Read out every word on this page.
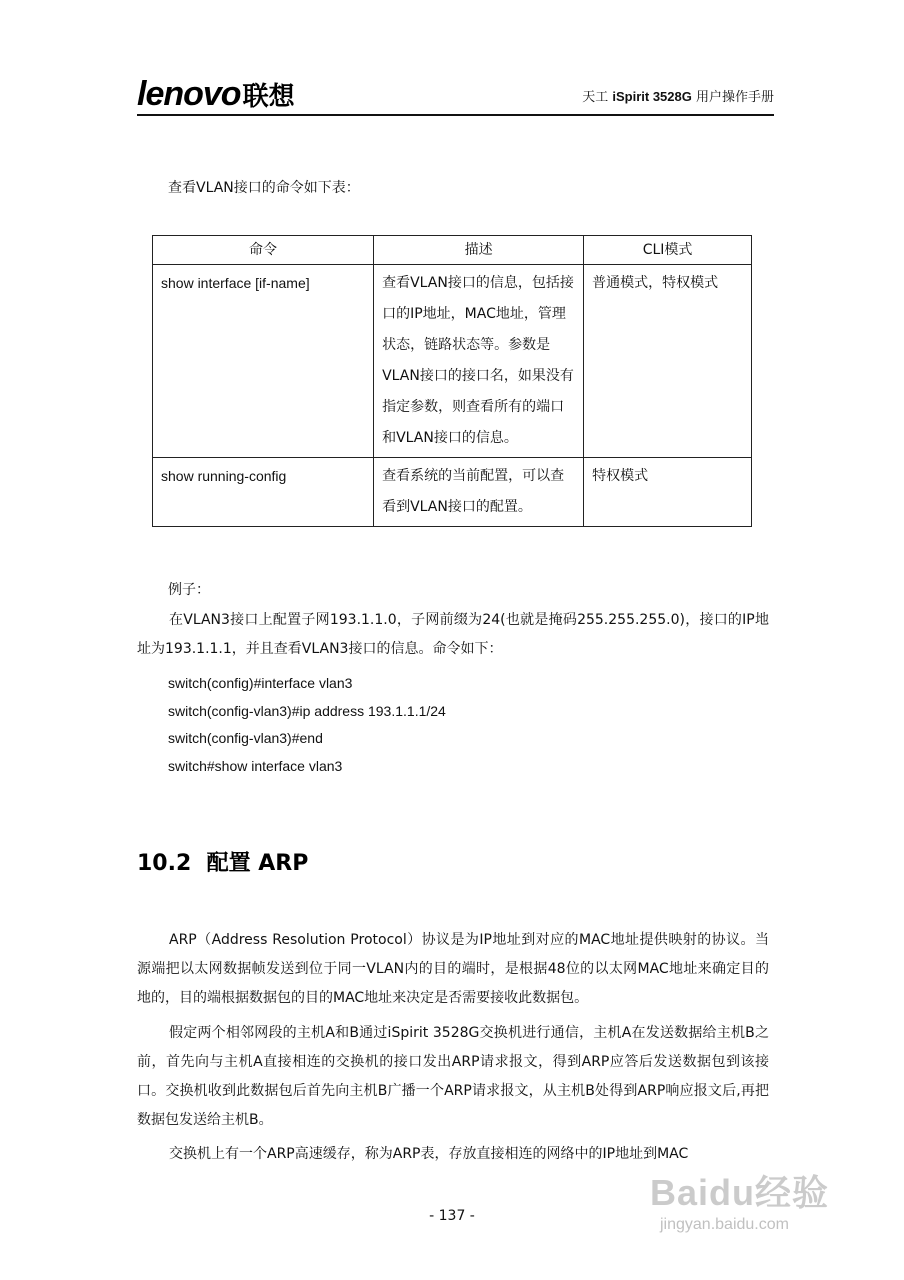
lenovo联想	天工 iSpirit 3528G 用户操作手册
查看VLAN接口的命令如下表：
命令	描述	CLI模式
show interface [if-name]	查看VLAN接口的信息，包括接口的IP地址，MAC地址，管理状态，链路状态等。参数是VLAN接口的接口名，如果没有指定参数，则查看所有的端口和VLAN接口的信息。	普通模式，特权模式
show running-config	查看系统的当前配置，可以查看到VLAN接口的配置。	特权模式
例子：
在VLAN3接口上配置子网193.1.1.0，子网前缀为24(也就是掩码255.255.255.0)，接口的IP地址为193.1.1.1，并且查看VLAN3接口的信息。命令如下：
switch(config)#interface vlan3
switch(config-vlan3)#ip address 193.1.1.1/24
switch(config-vlan3)#end
switch#show interface vlan3
10.2 配置 ARP
ARP（Address Resolution Protocol）协议是为IP地址到对应的MAC地址提供映射的协议。当源端把以太网数据帧发送到位于同一VLAN内的目的端时，是根据48位的以太网MAC地址来确定目的地的，目的端根据数据包的目的MAC地址来决定是否需要接收此数据包。
假定两个相邻网段的主机A和B通过iSpirit 3528G交换机进行通信，主机A在发送数据给主机B之前，首先向与主机A直接相连的交换机的接口发出ARP请求报文，得到ARP应答后发送数据包到该接口。交换机收到此数据包后首先向主机B广播一个ARP请求报文，从主机B处得到ARP响应报文后,再把数据包发送给主机B。
交换机上有一个ARP高速缓存，称为ARP表，存放直接相连的网络中的IP地址到MAC
- 137 -
Baidu经验
jingyan.baidu.com
